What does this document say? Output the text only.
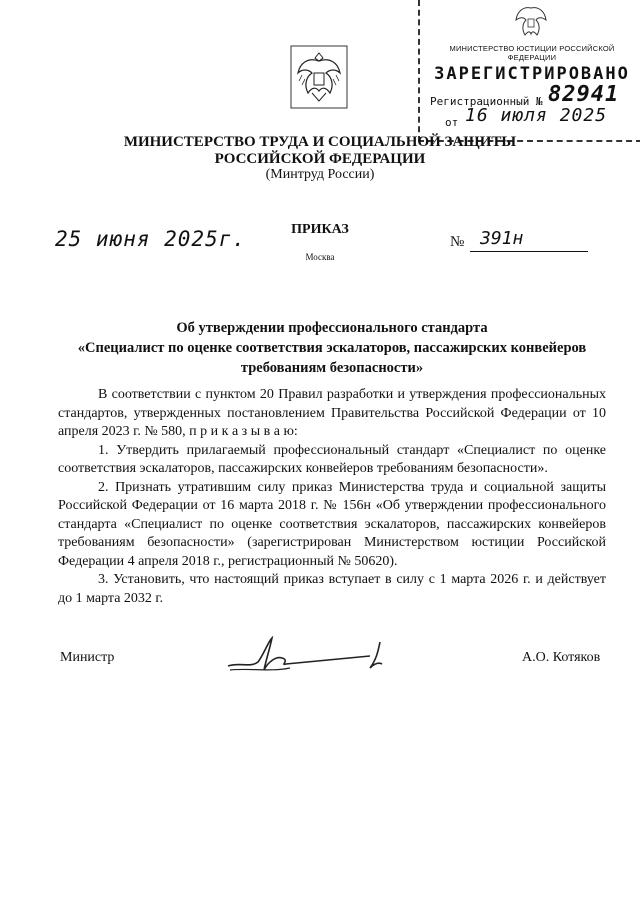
МИНИСТЕРСТВО ЮСТИЦИИ РОССИЙСКОЙ ФЕДЕРАЦИИ
ЗАРЕГИСТРИРОВАНО
Регистрационный № 82941
от 16 июля 2025
МИНИСТЕРСТВО ТРУДА И СОЦИАЛЬНОЙ ЗАЩИТЫ
РОССИЙСКОЙ ФЕДЕРАЦИИ
(Минтруд России)
25 июня 2025г.	ПРИКАЗ
Москва
№ 391н
Об утверждении профессионального стандарта
«Специалист по оценке соответствия эскалаторов, пассажирских конвейеров
требованиям безопасности»

В соответствии с пунктом 20 Правил разработки и утверждения профессиональных стандартов, утвержденных постановлением Правительства Российской Федерации от 10 апреля 2023 г. № 580, п р и к а з ы в а ю:

1. Утвердить прилагаемый профессиональный стандарт «Специалист по оценке соответствия эскалаторов, пассажирских конвейеров требованиям безопасности».

2. Признать утратившим силу приказ Министерства труда и социальной защиты Российской Федерации от 16 марта 2018 г. № 156н «Об утверждении профессионального стандарта «Специалист по оценке соответствия эскалаторов, пассажирских конвейеров требованиям безопасности» (зарегистрирован Министерством юстиции Российской Федерации 4 апреля 2018 г., регистрационный № 50620).

3. Установить, что настоящий приказ вступает в силу с 1 марта 2026 г. и действует до 1 марта 2032 г.

Министр	А.О. Котяков
